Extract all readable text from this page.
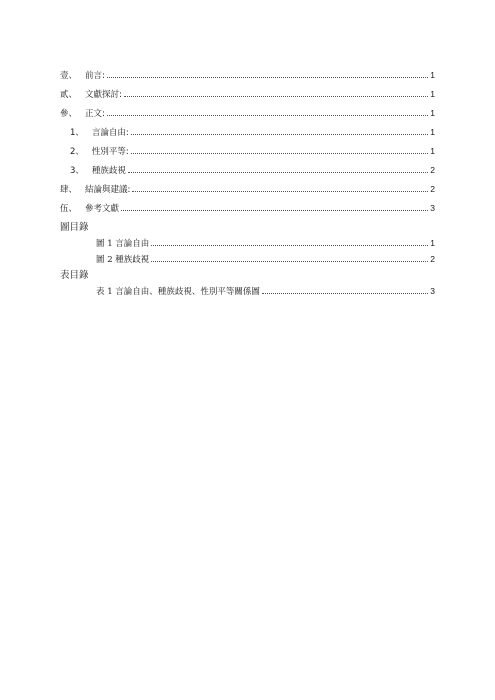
壹、 前言:	1
貳、 文獻探討:	1
參、 正文:	1
1、 言論自由:	1
2、 性別平等:	1
3、 種族歧視	2
肆、 結論與建議:	2
伍、 參考文獻	3
圖目錄
圖 1 言論自由	1
圖 2 種族歧視	2
表目錄
表 1 言論自由、種族歧視、性別平等關係圖	3
